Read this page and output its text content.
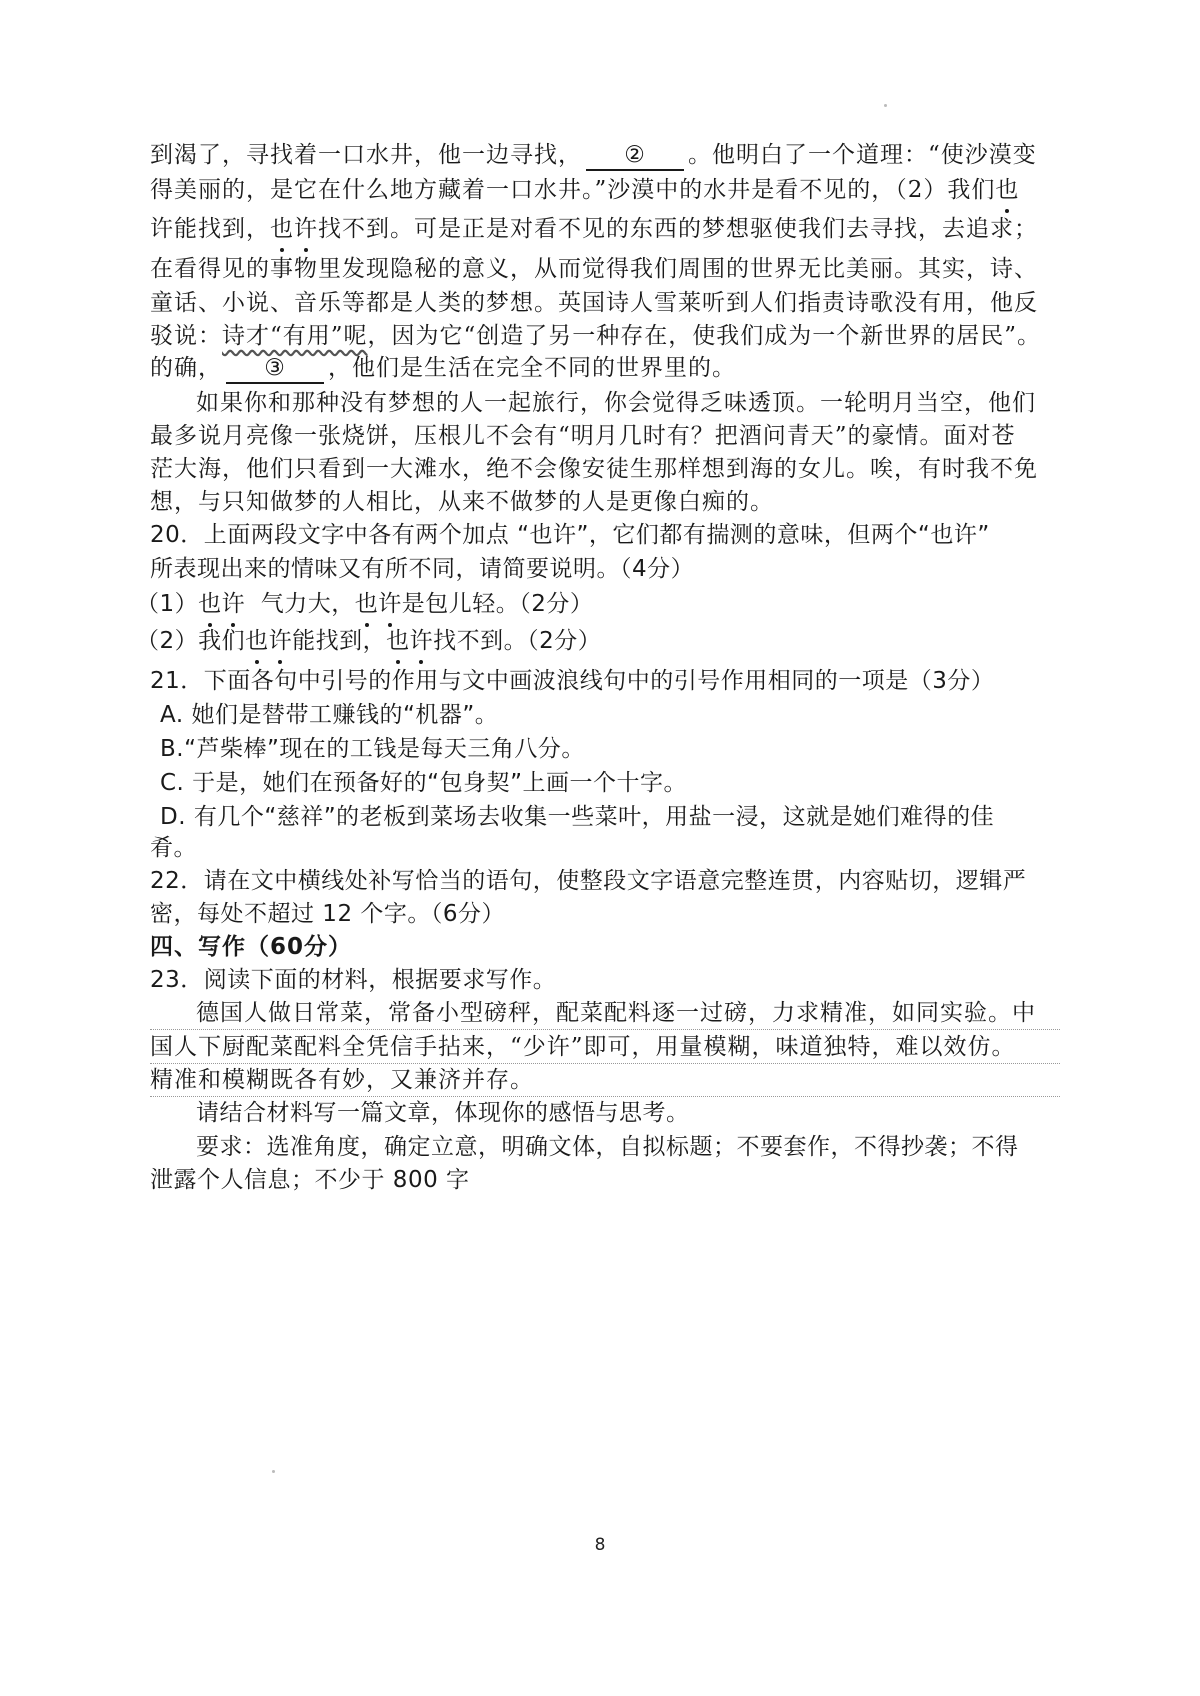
到渴了，寻找着一口水井，他一边寻找， ② 。他明白了一个道理：“使沙漠变
得美丽的，是它在什么地方藏着一口水井。”沙漠中的水井是看不见的，（2）我们也
许能找到，也许找不到。可是正是对看不见的东西的梦想驱使我们去寻找，去追求；
在看得见的事物里发现隐秘的意义，从而觉得我们周围的世界无比美丽。其实，诗、
童话、小说、音乐等都是人类的梦想。英国诗人雪莱听到人们指责诗歌没有用，他反
驳说：诗才“有用”呢，因为它“创造了另一种存在，使我们成为一个新世界的居民”。
的确， ③ ，他们是生活在完全不同的世界里的。
如果你和那种没有梦想的人一起旅行，你会觉得乏味透顶。一轮明月当空，他们
最多说月亮像一张烧饼，压根儿不会有“明月几时有？把酒问青天”的豪情。面对苍
茫大海，他们只看到一大滩水，绝不会像安徒生那样想到海的女儿。唉，有时我不免
想，与只知做梦的人相比，从来不做梦的人是更像白痴的。
20．上面两段文字中各有两个加点 “也许”，它们都有揣测的意味，但两个“也许”
所表现出来的情味又有所不同，请简要说明。（4分）
（1）也许  气力大，也许是包儿轻。（2分）
（2）我们也许能找到，也许找不到。（2分）
21．下面各句中引号的作用与文中画波浪线句中的引号作用相同的一项是（3分）
A. 她们是替带工赚钱的“机器”。
B.“芦柴棒”现在的工钱是每天三角八分。
C. 于是，她们在预备好的“包身契”上画一个十字。
D. 有几个“慈祥”的老板到菜场去收集一些菜叶，用盐一浸，这就是她们难得的佳
肴。
22．请在文中横线处补写恰当的语句，使整段文字语意完整连贯，内容贴切，逻辑严
密，每处不超过 12 个字。（6分）
四、写作（60分）
23．阅读下面的材料，根据要求写作。
德国人做日常菜，常备小型磅秤，配菜配料逐一过磅，力求精准，如同实验。中
国人下厨配菜配料全凭信手拈来，“少许”即可，用量模糊，味道独特，难以效仿。
精准和模糊既各有妙，又兼济并存。
请结合材料写一篇文章，体现你的感悟与思考。
要求：选准角度，确定立意，明确文体，自拟标题；不要套作，不得抄袭；不得
泄露个人信息；不少于 800 字
8
